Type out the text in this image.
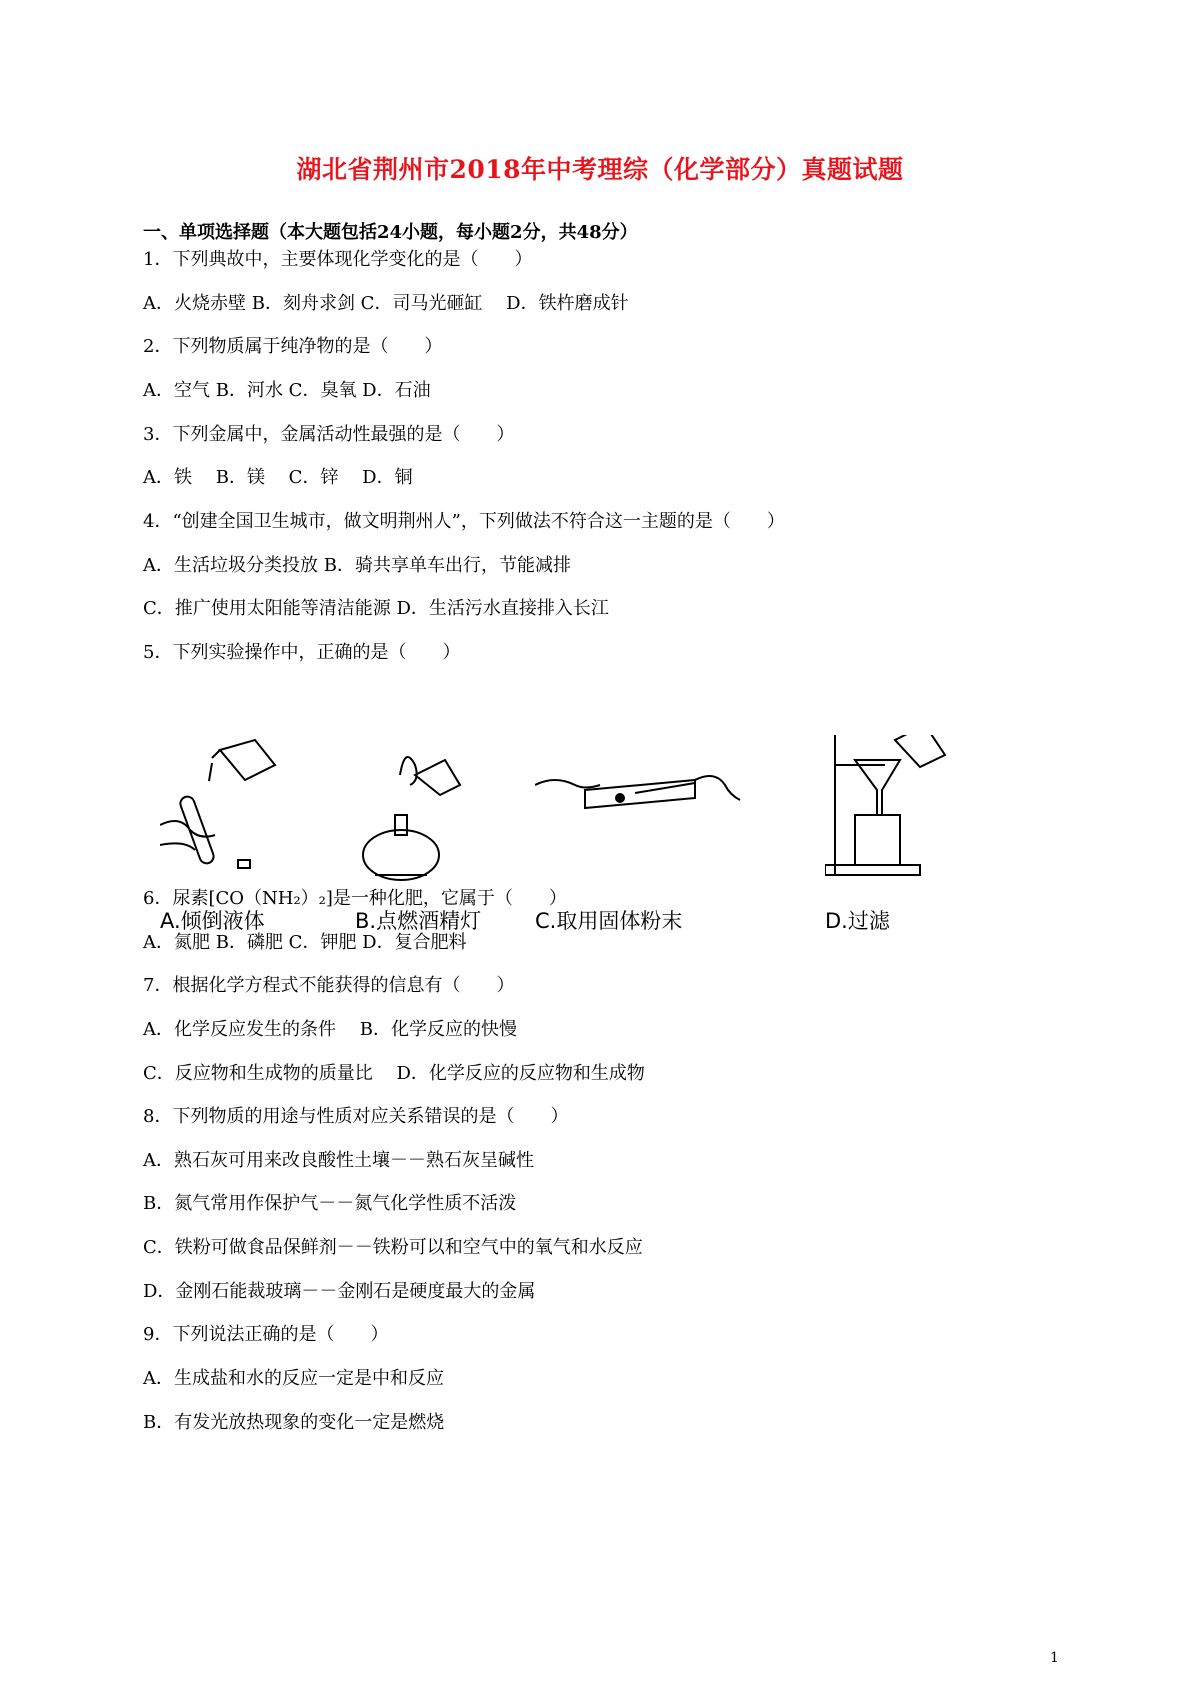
湖北省荆州市2018年中考理综（化学部分）真题试题
一、单项选择题（本大题包括24小题，每小题2分，共48分）
1．下列典故中，主要体现化学变化的是（　　）
A．火烧赤壁 B．刻舟求剑 C．司马光砸缸　 D．铁杵磨成针
2．下列物质属于纯净物的是（　　）
A．空气 B．河水 C．臭氧 D．石油
3．下列金属中，金属活动性最强的是（　　）
A．铁　 B．镁　 C．锌　 D．铜
4．“创建全国卫生城市，做文明荆州人”，下列做法不符合这一主题的是（　　）
A．生活垃圾分类投放 B．骑共享单车出行，节能减排
C．推广使用太阳能等清洁能源 D．生活污水直接排入长江
5．下列实验操作中，正确的是（　　）
A.倾倒液体	B.点燃酒精灯	C.取用固体粉末	D.过滤
6．尿素[CO（NH₂）₂]是一种化肥，它属于（　　）
A．氮肥 B．磷肥 C．钾肥 D．复合肥料
7．根据化学方程式不能获得的信息有（　　）
A．化学反应发生的条件　 B．化学反应的快慢
C．反应物和生成物的质量比　 D．化学反应的反应物和生成物
8．下列物质的用途与性质对应关系错误的是（　　）
A．熟石灰可用来改良酸性土壤－－熟石灰呈碱性
B．氮气常用作保护气－－氮气化学性质不活泼
C．铁粉可做食品保鲜剂－－铁粉可以和空气中的氧气和水反应
D．金刚石能裁玻璃－－金刚石是硬度最大的金属
9．下列说法正确的是（　　）
A．生成盐和水的反应一定是中和反应
B．有发光放热现象的变化一定是燃烧
1
